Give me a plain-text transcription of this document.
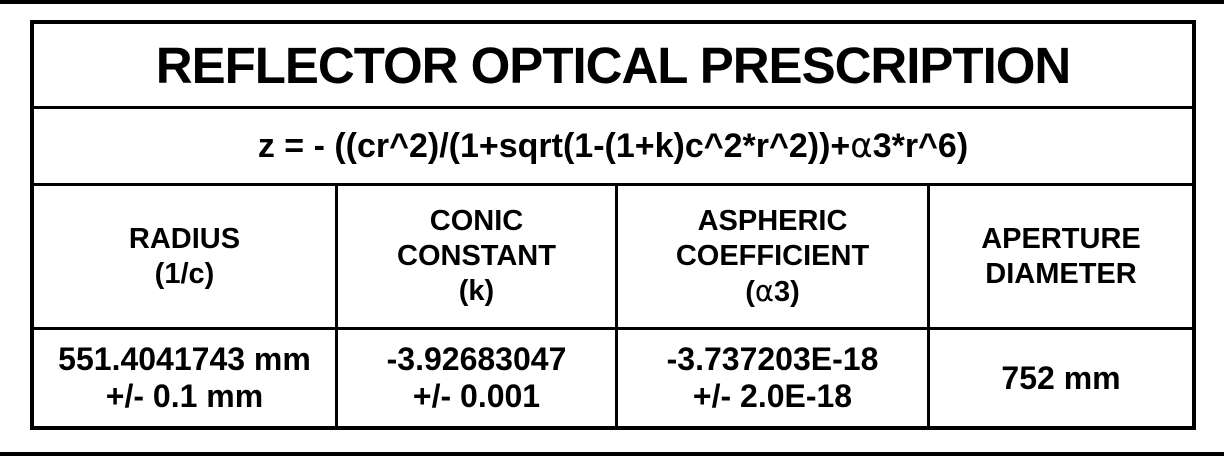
REFLECTOR OPTICAL PRESCRIPTION
z = - ((cr^2)/(1+sqrt(1-(1+k)c^2*r^2))+ α 3*r^6)
RADIUS
(1/c)
CONIC
CONSTANT
(k)
ASPHERIC
COEFFICIENT
(α3)
APERTURE
DIAMETER
551.4041743 mm
+/- 0.1 mm
-3.92683047
+/- 0.001
-3.737203E-18
+/- 2.0E-18
752 mm
